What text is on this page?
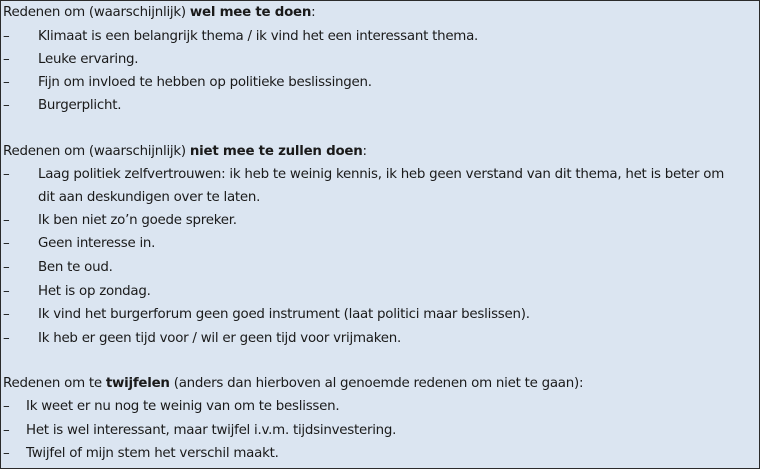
Redenen om (waarschijnlijk) wel mee te doen:
– Klimaat is een belangrijk thema / ik vind het een interessant thema.
– Leuke ervaring.
– Fijn om invloed te hebben op politieke beslissingen.
– Burgerplicht.
Redenen om (waarschijnlijk) niet mee te zullen doen:
– Laag politiek zelfvertrouwen: ik heb te weinig kennis, ik heb geen verstand van dit thema, het is beter om
dit aan deskundigen over te laten.
– Ik ben niet zo’n goede spreker.
– Geen interesse in.
– Ben te oud.
– Het is op zondag.
– Ik vind het burgerforum geen goed instrument (laat politici maar beslissen).
– Ik heb er geen tijd voor / wil er geen tijd voor vrijmaken.
Redenen om te twijfelen (anders dan hierboven al genoemde redenen om niet te gaan):
– Ik weet er nu nog te weinig van om te beslissen.
– Het is wel interessant, maar twijfel i.v.m. tijdsinvestering.
– Twijfel of mijn stem het verschil maakt.
